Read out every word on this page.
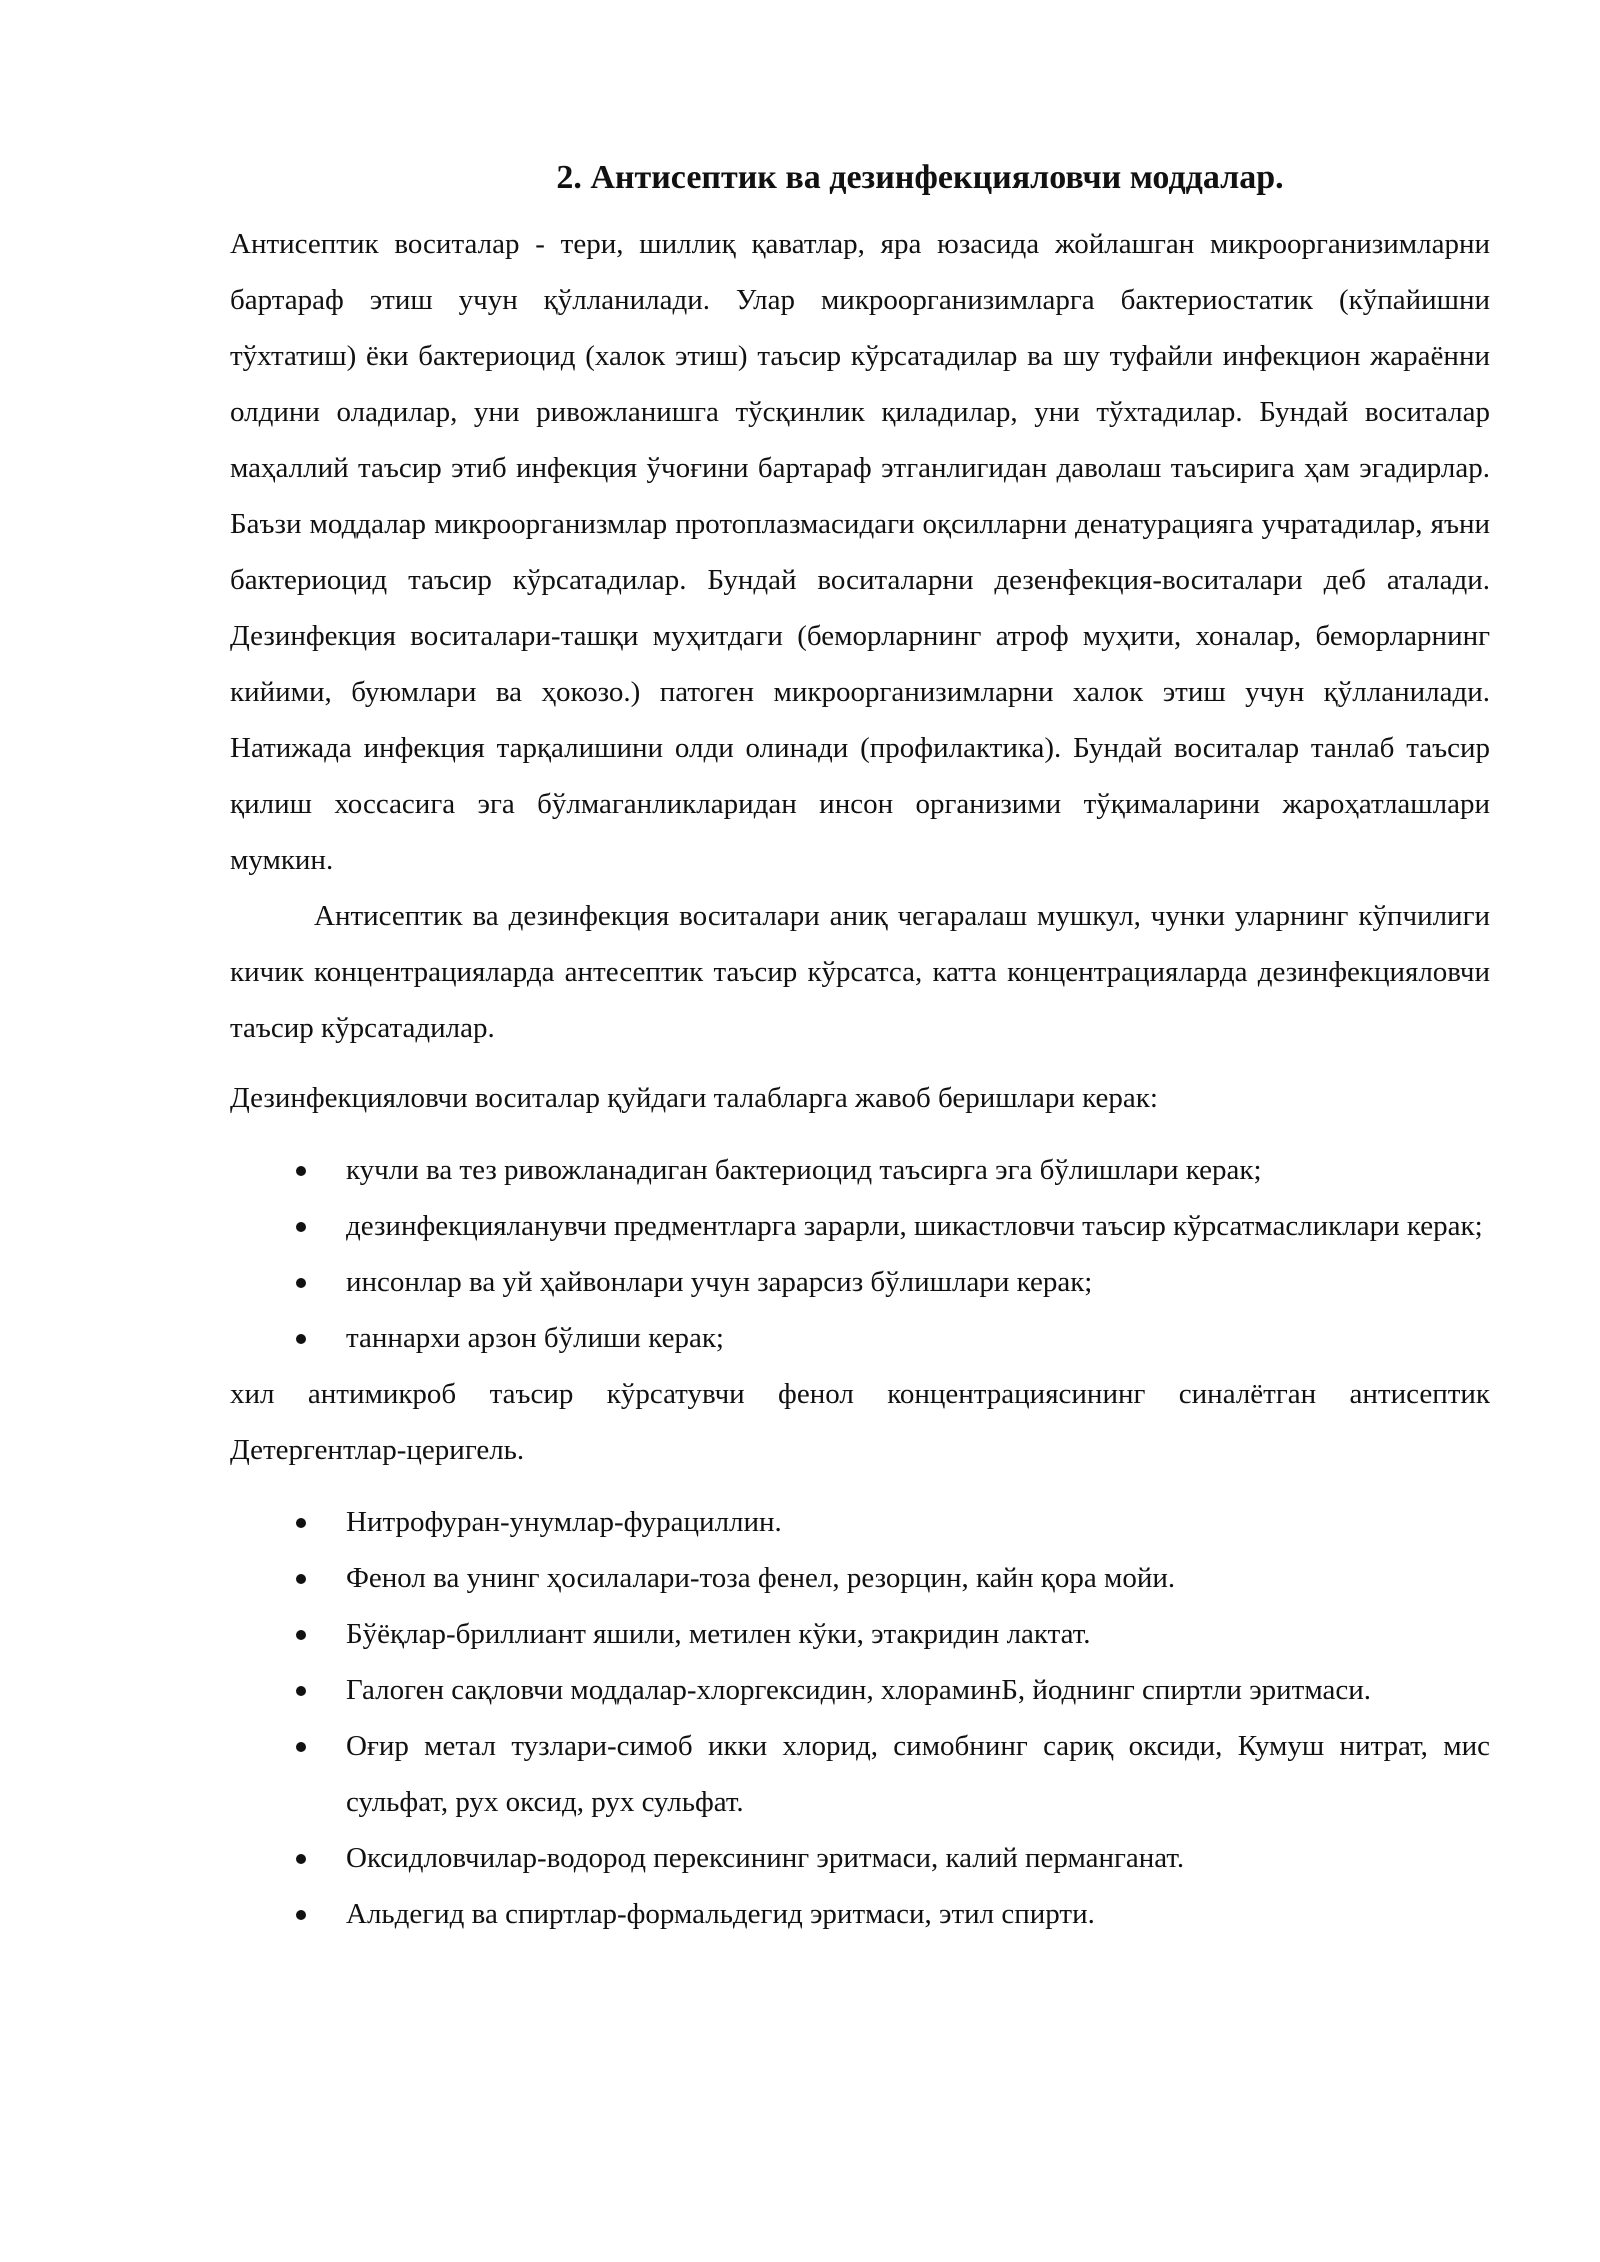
2. Антисептик ва дезинфекцияловчи моддалар.

Антисептик воситалар - тери, шиллиқ қаватлар, яра юзасида жойлашган микроорганизимларни бартараф этиш учун қўлланилади. Улар микроорганизимларга бактериостатик (кўпайишни тўхтатиш) ёки бактериоцид (халок этиш) таъсир кўрсатадилар ва шу туфайли инфекцион жараённи олдини оладилар, уни ривожланишга тўсқинлик қиладилар, уни тўхтадилар. Бундай воситалар маҳаллий таъсир этиб инфекция ўчоғини бартараф этганлигидан даволаш таъсирига ҳам эгадирлар. Баъзи моддалар микроорганизмлар протоплазмасидаги оқсилларни денатурацияга учратадилар, яъни бактериоцид таъсир кўрсатадилар. Бундай воситаларни дезенфекция-воситалари деб аталади. Дезинфекция воситалари-ташқи муҳитдаги (беморларнинг атроф муҳити, хоналар, беморларнинг кийими, буюмлари ва ҳокозо.) патоген микроорганизимларни халок этиш учун қўлланилади. Натижада инфекция тарқалишини олди олинади (профилактика). Бундай воситалар танлаб таъсир қилиш хоссасига эга бўлмаганликларидан инсон организими тўқималарини жароҳатлашлари мумкин.

Антисептик ва дезинфекция воситалари аниқ чегаралаш мушкул, чунки уларнинг кўпчилиги кичик концентрацияларда антесептик таъсир кўрсатса, катта концентрацияларда дезинфекцияловчи таъсир кўрсатадилар.

Дезинфекцияловчи воситалар қуйдаги талабларга жавоб беришлари керак:

кучли ва тез ривожланадиган бактериоцид таъсирга эга бўлишлари керак;
дезинфекцияланувчи предментларга зарарли, шикастловчи таъсир кўрсатмасликлари керак;
инсонлар ва уй ҳайвонлари учун зарарсиз бўлишлари керак;
таннархи арзон бўлиши керак;

хил антимикроб таъсир кўрсатувчи фенол концентрациясининг синалётган антисептик Детергентлар-церигель.

Нитрофуран-унумлар-фурациллин.
Фенол ва унинг ҳосилалари-тоза фенел, резорцин, кайн қора мойи.
Бўёқлар-бриллиант яшили, метилен кўки, этакридин лактат.
Галоген сақловчи моддалар-хлоргексидин, хлораминБ, йоднинг спиртли эритмаси.
Оғир метал тузлари-симоб икки хлорид, симобнинг сариқ оксиди, Кумуш нитрат, мис сульфат, рух оксид, рух сульфат.
Оксидловчилар-водород перексининг эритмаси, калий перманганат.
Альдегид ва спиртлар-формальдегид эритмаси, этил спирти.
